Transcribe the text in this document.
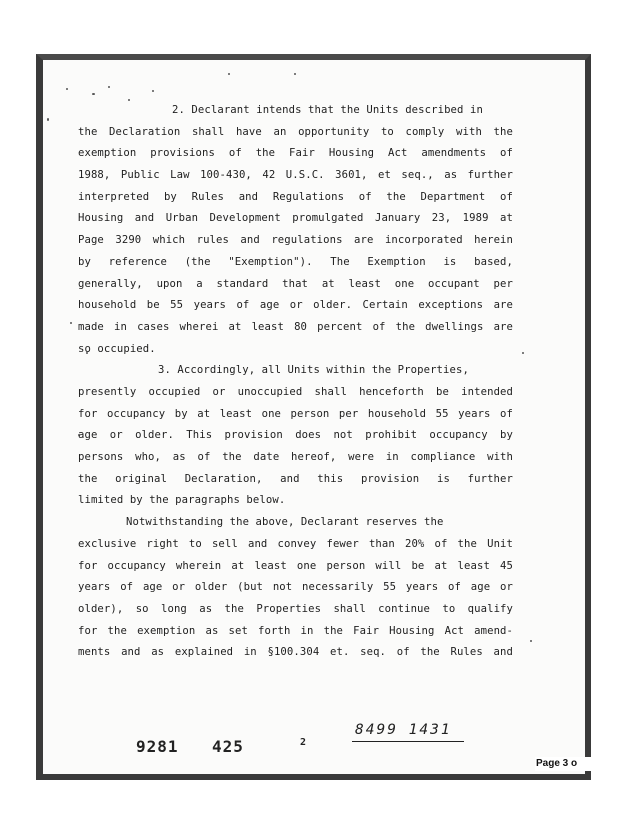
2. Declarant intends that the Units described in
the Declaration shall have an opportunity to comply with the
exemption provisions of the Fair Housing Act amendments of
1988, Public Law 100-430, 42 U.S.C. 3601, et seq., as further
interpreted by Rules and Regulations of the Department of
Housing and Urban Development promulgated January 23, 1989 at
Page 3290 which rules and regulations are incorporated herein
by reference (the "Exemption"). The Exemption is based,
generally, upon a standard that at least one occupant per
household be 55 years of age or older. Certain exceptions are
made in cases wherei at least 80 percent of the dwellings are
so occupied.
3. Accordingly, all Units within the Properties,
presently occupied or unoccupied shall henceforth be intended
for occupancy by at least one person per household 55 years of
age or older. This provision does not prohibit occupancy by
persons who, as of the date hereof, were in compliance with
the original Declaration, and this provision is further
limited by the paragraphs below.
Notwithstanding the above, Declarant reserves the
exclusive right to sell and convey fewer than 20% of the Unit
for occupancy wherein at least one person will be at least 45
years of age or older (but not necessarily 55 years of age or
older), so long as the Properties shall continue to qualify
for the exemption as set forth in the Fair Housing Act amend-
ments and as explained in §100.304 et. seq. of the Rules and
9281 425	2
8499 1431
Page 3 o
